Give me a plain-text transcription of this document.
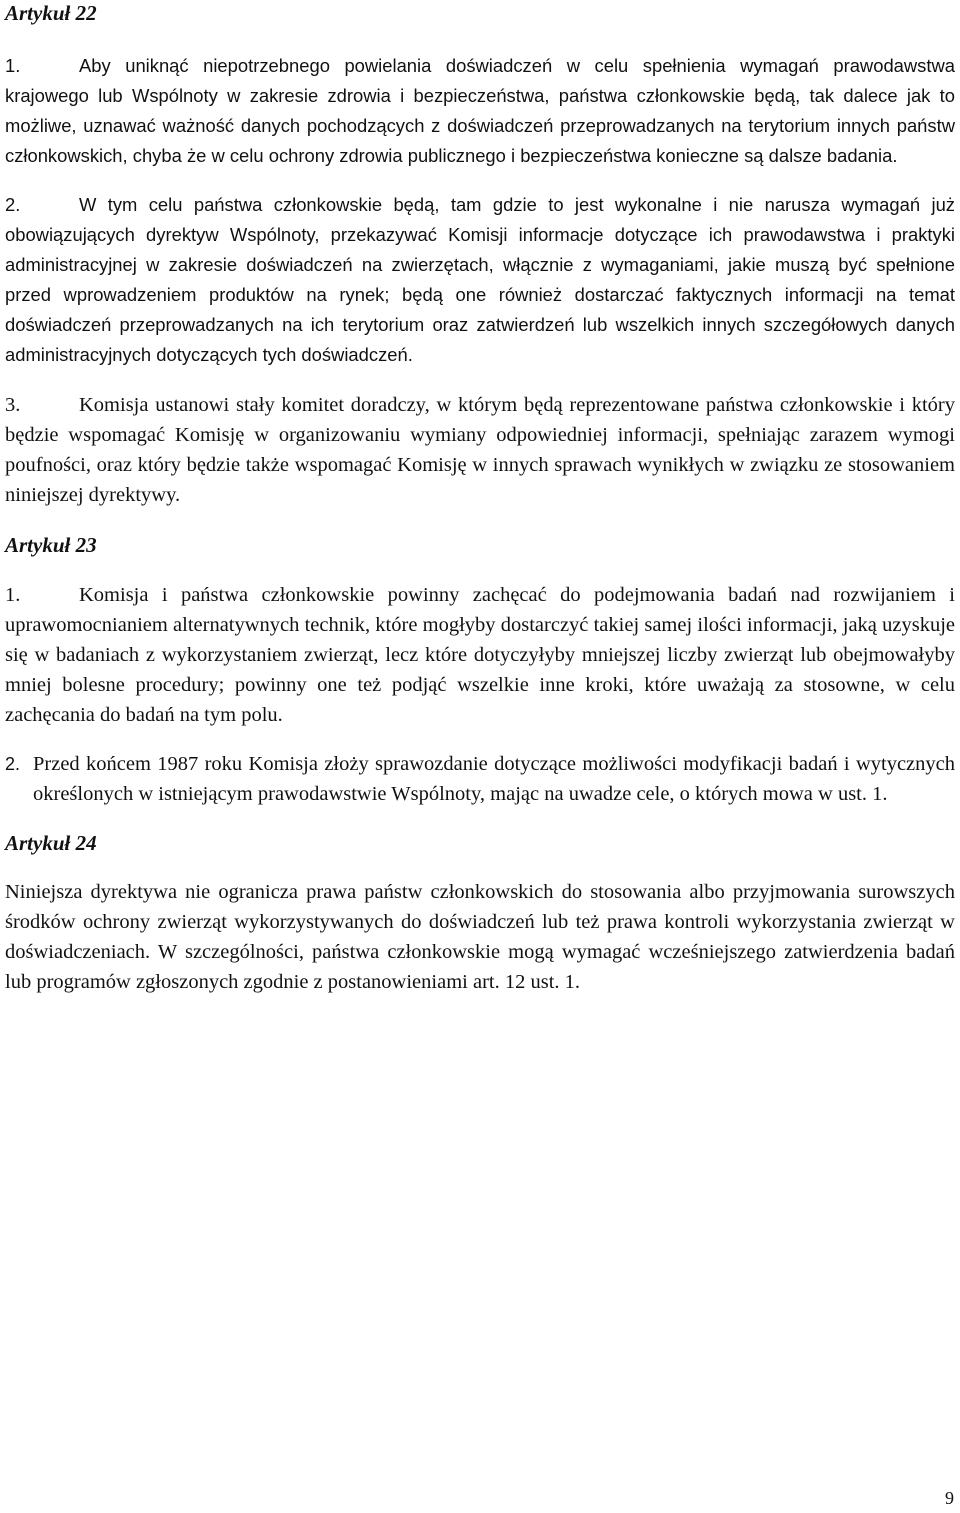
Artykuł 22

1.	Aby uniknąć niepotrzebnego powielania doświadczeń w celu spełnienia wymagań prawodawstwa krajowego lub Wspólnoty w zakresie zdrowia i bezpieczeństwa, państwa członkowskie będą, tak dalece jak to możliwe, uznawać ważność danych pochodzących z doświadczeń przeprowadzanych na terytorium innych państw członkowskich, chyba że w celu ochrony zdrowia publicznego i bezpieczeństwa konieczne są dalsze badania.

2.	W tym celu państwa członkowskie będą, tam gdzie to jest wykonalne i nie narusza wymagań już obowiązujących dyrektyw Wspólnoty, przekazywać Komisji informacje dotyczące ich prawodawstwa i praktyki administracyjnej w zakresie doświadczeń na zwierzętach, włącznie z wymaganiami, jakie muszą być spełnione przed wprowadzeniem produktów na rynek; będą one również dostarczać faktycznych informacji na temat doświadczeń przeprowadzanych na ich terytorium oraz zatwierdzeń lub wszelkich innych szczegółowych danych administracyjnych dotyczących tych doświadczeń.

3.	Komisja ustanowi stały komitet doradczy, w którym będą reprezentowane państwa członkowskie i który będzie wspomagać Komisję w organizowaniu wymiany odpowiedniej informacji, spełniając zarazem wymogi poufności, oraz który będzie także wspomagać Komisję w innych sprawach wynikłych w związku ze stosowaniem niniejszej dyrektywy.

Artykuł 23

1.	Komisja i państwa członkowskie powinny zachęcać do podejmowania badań nad rozwijaniem i uprawomocnianiem alternatywnych technik, które mogłyby dostarczyć takiej samej ilości informacji, jaką uzyskuje się w badaniach z wykorzystaniem zwierząt, lecz które dotyczyłyby mniejszej liczby zwierząt lub obejmowałyby mniej bolesne procedury; powinny one też podjąć wszelkie inne kroki, które uważają za stosowne, w celu zachęcania do badań na tym polu.

2. Przed końcem 1987 roku Komisja złoży sprawozdanie dotyczące możliwości modyfikacji badań i wytycznych określonych w istniejącym prawodawstwie Wspólnoty, mając na uwadze cele, o których mowa w ust. 1.
Artykuł 24

Niniejsza dyrektywa nie ogranicza prawa państw członkowskich do stosowania albo przyjmowania surowszych środków ochrony zwierząt wykorzystywanych do doświadczeń lub też prawa kontroli wykorzystania zwierząt w doświadczeniach. W szczególności, państwa członkowskie mogą wymagać wcześniejszego zatwierdzenia badań lub programów zgłoszonych zgodnie z postanowieniami art. 12 ust. 1.

9
